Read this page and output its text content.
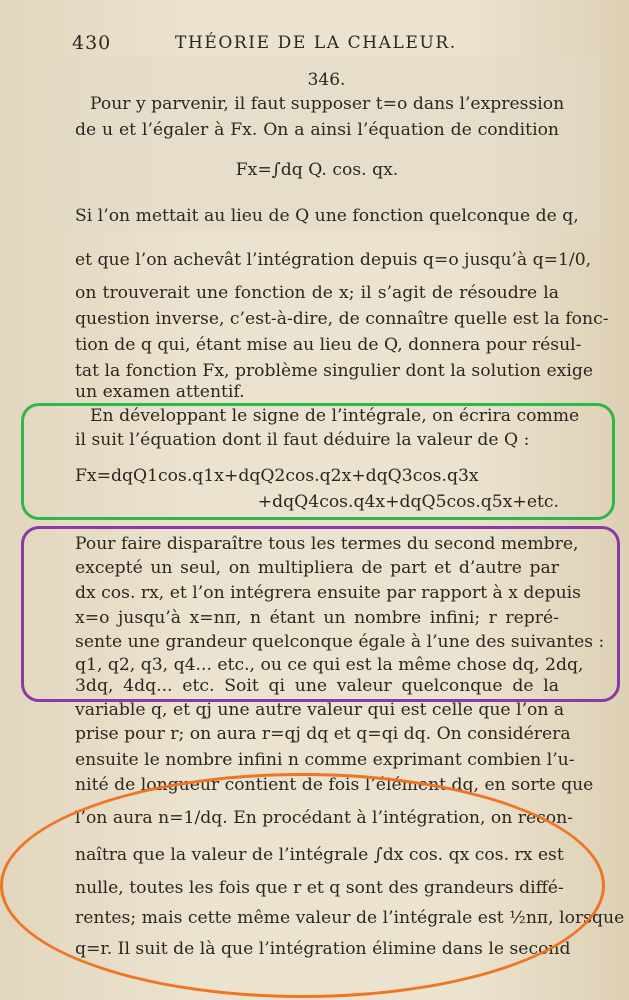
430	THÉORIE DE LA CHALEUR.
346.
Pour y parvenir, il faut supposer t=o dans l’expression
de u et l’égaler à Fx. On a ainsi l’équation de condition
Fx=∫dq Q. cos. qx.
Si l’on mettait au lieu de Q une fonction quelconque de q,
et que l’on achevât l’intégration depuis q=o jusqu’à q=1/0,
on trouverait une fonction de x; il s’agit de résoudre la
question inverse, c’est-à-dire, de connaître quelle est la fonc-
tion de q qui, étant mise au lieu de Q, donnera pour résul-
tat la fonction Fx, problème singulier dont la solution exige
un examen attentif.
En développant le signe de l’intégrale, on écrira comme
il suit l’équation dont il faut déduire la valeur de Q :
Fx=dqQ1cos.q1x+dqQ2cos.q2x+dqQ3cos.q3x
+dqQ4cos.q4x+dqQ5cos.q5x+etc.
Pour faire disparaître tous les termes du second membre,
excepté un seul, on multipliera de part et d’autre par
dx cos. rx, et l’on intégrera ensuite par rapport à x depuis
x=o jusqu’à x=nπ, n étant un nombre infini; r repré-
sente une grandeur quelconque égale à l’une des suivantes :
q1, q2, q3, q4... etc., ou ce qui est la même chose dq, 2dq,
3dq, 4dq... etc. Soit qi une valeur quelconque de la
variable q, et qj une autre valeur qui est celle que l’on a
prise pour r; on aura r=qj dq et q=qi dq. On considérera
ensuite le nombre infini n comme exprimant combien l’u-
nité de longueur contient de fois l’élément dq, en sorte que
l’on aura n=1/dq. En procédant à l’intégration, on recon-
naîtra que la valeur de l’intégrale ∫dx cos. qx cos. rx est
nulle, toutes les fois que r et q sont des grandeurs diffé-
rentes; mais cette même valeur de l’intégrale est ½nπ, lorsque
q=r. Il suit de là que l’intégration élimine dans le second
